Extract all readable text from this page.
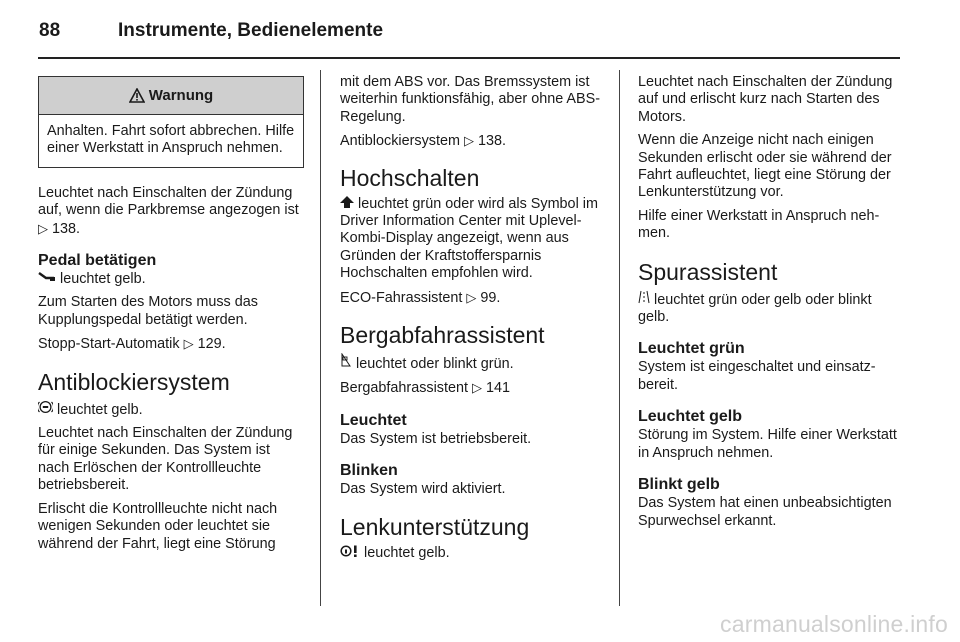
88	Instrumente, Bedienelemente
Warnung

Anhalten. Fahrt sofort abbrechen. Hilfe einer Werkstatt in Anspruch nehmen.

Leuchtet nach Einschalten der Zündung auf, wenn die Parkbremse angezogen ist ▷ 138.

Pedal betätigen

leuchtet gelb.

Zum Starten des Motors muss das Kupplungspedal betätigt werden.

Stopp-Start-Automatik ▷ 129.

Antiblockiersystem

leuchtet gelb.

Leuchtet nach Einschalten der Zündung für einige Sekunden. Das System ist nach Erlöschen der Kontrollleuchte betriebsbereit.

Erlischt die Kontrollleuchte nicht nach wenigen Sekunden oder leuchtet sie während der Fahrt, liegt eine Störung

mit dem ABS vor. Das Bremssystem ist weiterhin funktionsfähig, aber ohne ABS-Regelung.

Antiblockiersystem ▷ 138.

Hochschalten

leuchtet grün oder wird als Symbol im Driver Information Center mit Uplevel-Kombi-Display angezeigt, wenn aus Gründen der Kraftstoffersparnis Hochschalten empfohlen wird.

ECO-Fahrassistent ▷ 99.

Bergabfahrassistent

leuchtet oder blinkt grün.

Bergabfahrassistent ▷ 141

Leuchtet

Das System ist betriebsbereit.

Blinken

Das System wird aktiviert.

Lenkunterstützung

leuchtet gelb.

Leuchtet nach Einschalten der Zündung auf und erlischt kurz nach Starten des Motors.

Wenn die Anzeige nicht nach einigen Sekunden erlischt oder sie während der Fahrt aufleuchtet, liegt eine Störung der Lenkunterstützung vor.

Hilfe einer Werkstatt in Anspruch nehmen.

Spurassistent

leuchtet grün oder gelb oder blinkt gelb.

Leuchtet grün

System ist eingeschaltet und einsatzbereit.

Leuchtet gelb

Störung im System. Hilfe einer Werkstatt in Anspruch nehmen.

Blinkt gelb

Das System hat einen unbeabsichtigten Spurwechsel erkannt.

carmanualsonline.info
